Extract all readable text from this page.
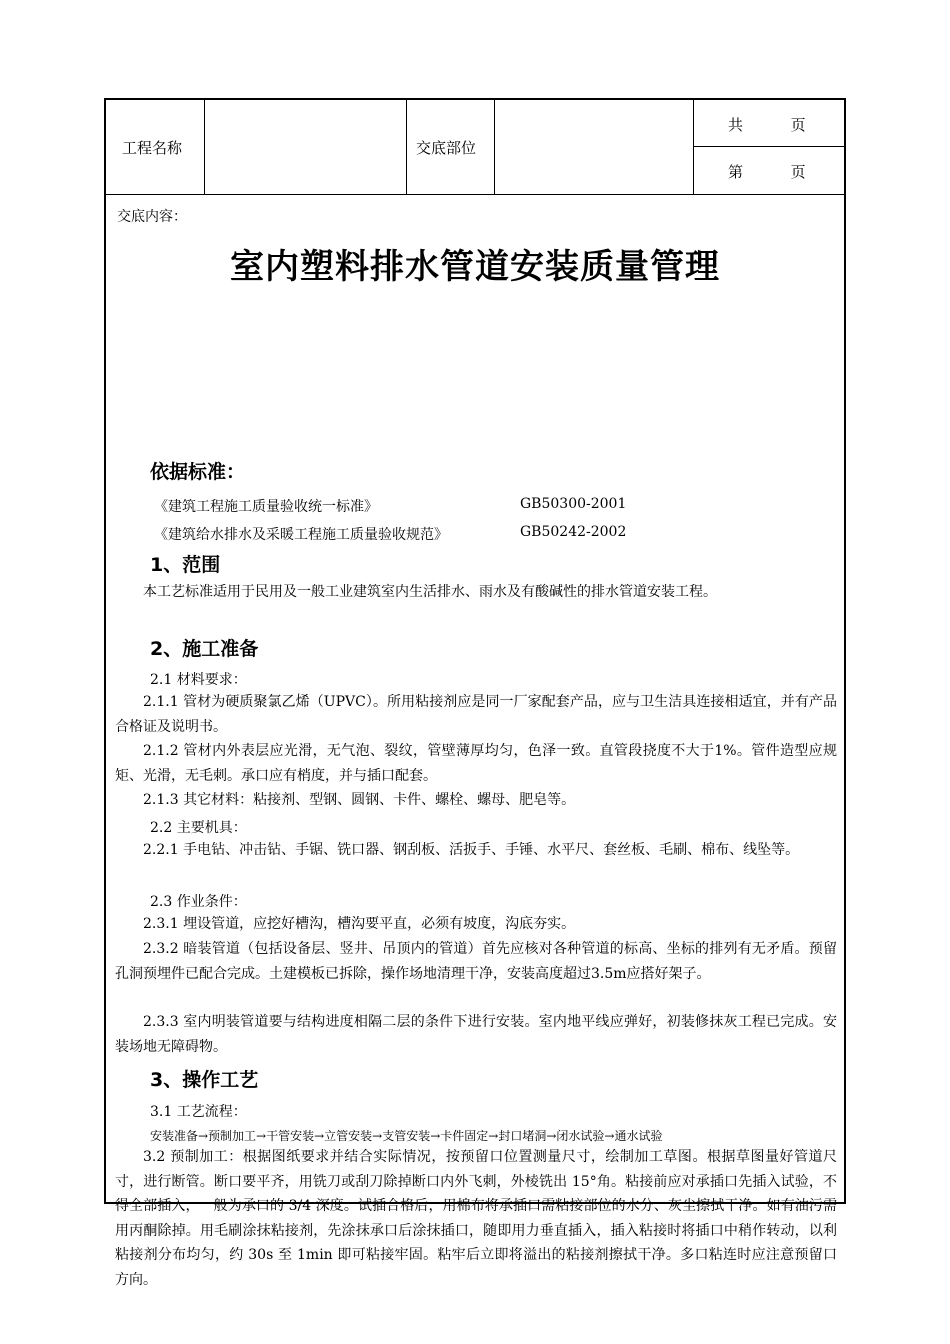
工程名称	交底部位
共          页
第          页
交底内容：
室内塑料排水管道安装质量管理
依据标准：
《建筑工程施工质量验收统一标准》	GB50300-2001
《建筑给水排水及采暖工程施工质量验收规范》	GB50242-2002
1、范围

本工艺标准适用于民用及一般工业建筑室内生活排水、雨水及有酸碱性的排水管道安装工程。

2、施工准备
2.1 材料要求：

2.1.1 管材为硬质聚氯乙烯（UPVC）。所用粘接剂应是同一厂家配套产品，应与卫生洁具连接相适宜，并有产品合格证及说明书。

2.1.2 管材内外表层应光滑，无气泡、裂纹，管壁薄厚均匀，色泽一致。直管段挠度不大于1%。管件造型应规矩、光滑，无毛刺。承口应有梢度，并与插口配套。

2.1.3 其它材料：粘接剂、型钢、圆钢、卡件、螺栓、螺母、肥皂等。

2.2 主要机具：

2.2.1 手电钻、冲击钻、手锯、铣口器、钢刮板、活扳手、手锤、水平尺、套丝板、毛刷、棉布、线坠等。

2.3 作业条件：

2.3.1 埋设管道，应挖好槽沟，槽沟要平直，必须有坡度，沟底夯实。

2.3.2 暗装管道（包括设备层、竖井、吊顶内的管道）首先应核对各种管道的标高、坐标的排列有无矛盾。预留孔洞预埋件已配合完成。土建模板已拆除，操作场地清理干净，安装高度超过3.5m应搭好架子。

2.3.3 室内明装管道要与结构进度相隔二层的条件下进行安装。室内地平线应弹好，初装修抹灰工程已完成。安装场地无障碍物。

3、操作工艺
3.1 工艺流程：
安装准备→预制加工→干管安装→立管安装→支管安装→卡件固定→封口堵洞→闭水试验→通水试验

3.2 预制加工：根据图纸要求并结合实际情况，按预留口位置测量尺寸，绘制加工草图。根据草图量好管道尺寸，进行断管。断口要平齐，用铣刀或刮刀除掉断口内外飞刺，外棱铣出 15°角。粘接前应对承插口先插入试验，不得全部插入，一般为承口的 3/4 深度。试插合格后，用棉布将承插口需粘接部位的水分、灰尘擦拭干净。如有油污需用丙酮除掉。用毛刷涂抹粘接剂，先涂抹承口后涂抹插口，随即用力垂直插入，插入粘接时将插口中稍作转动，以利粘接剂分布均匀，约 30s 至 1min 即可粘接牢固。粘牢后立即将溢出的粘接剂擦拭干净。多口粘连时应注意预留口方向。
